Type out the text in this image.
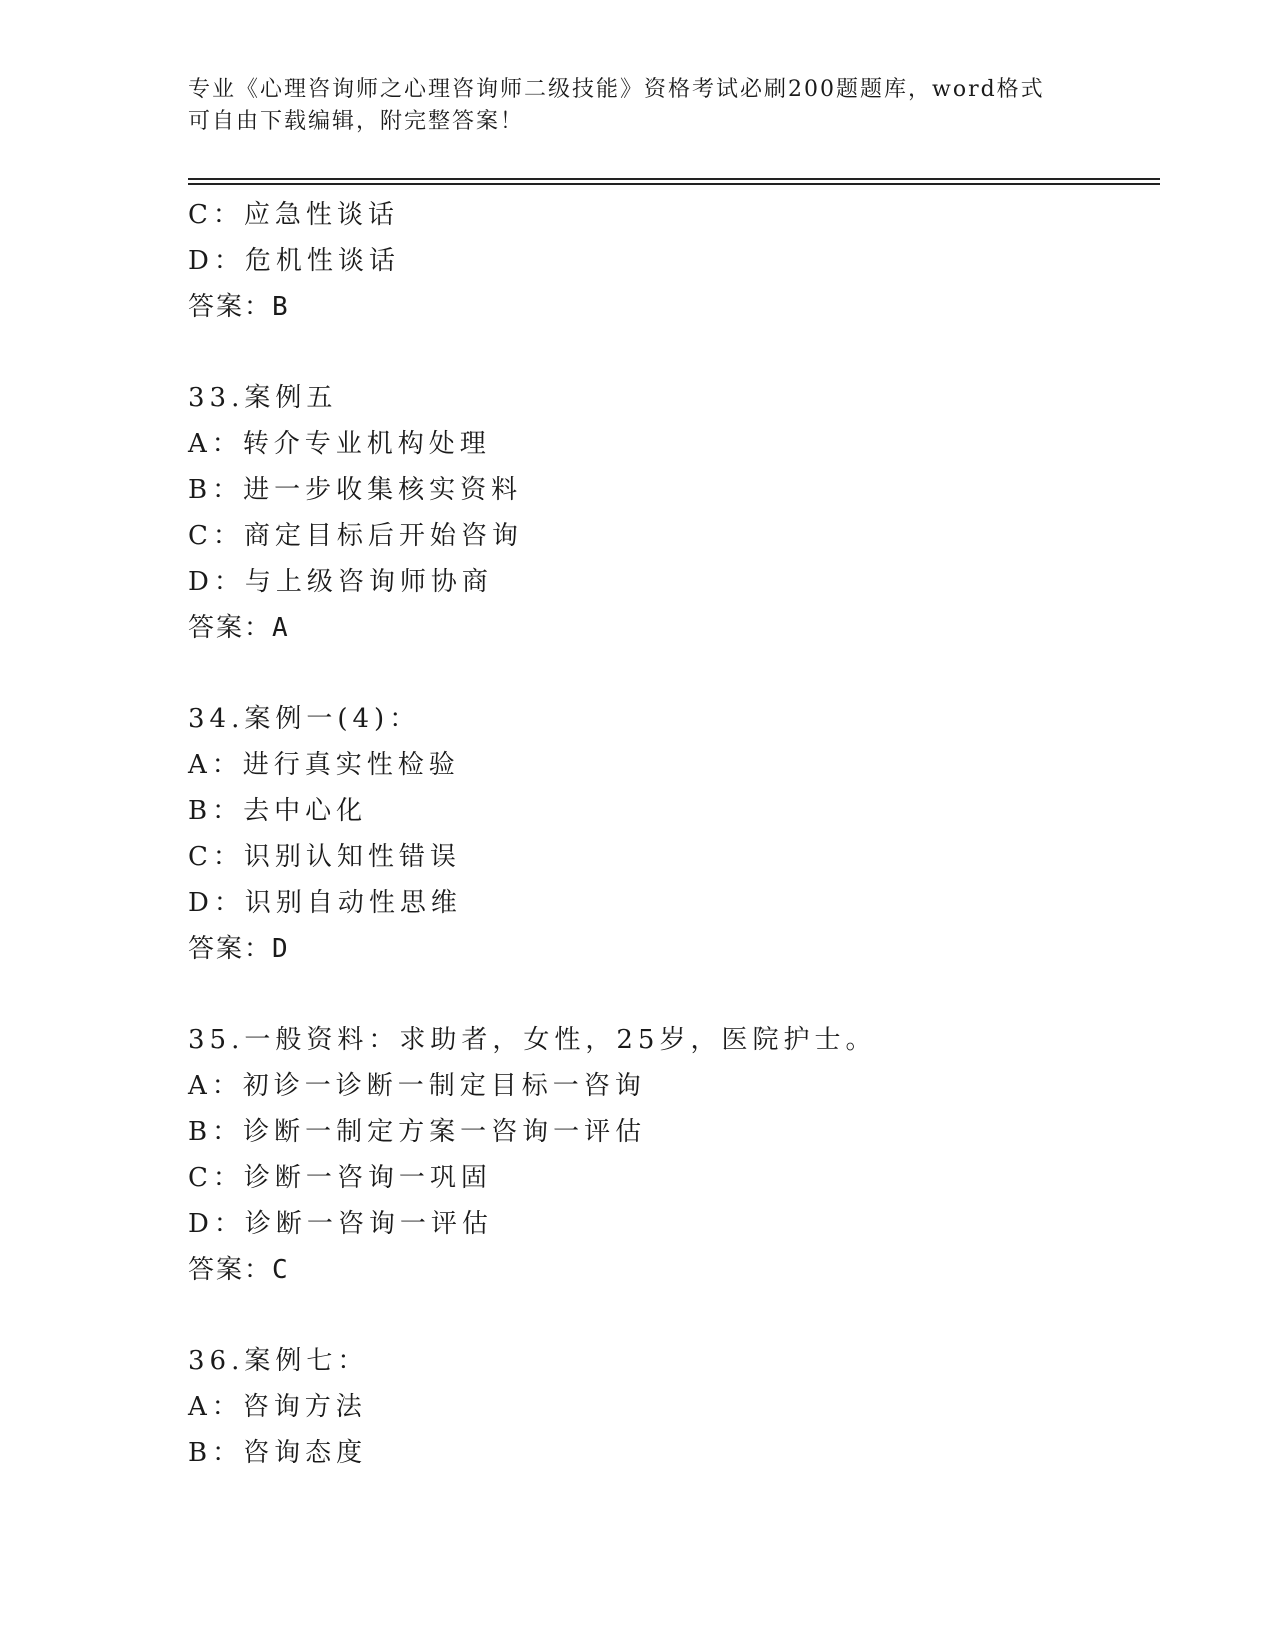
专业《心理咨询师之心理咨询师二级技能》资格考试必刷200题题库，word格式
可自由下载编辑，附完整答案！
C：应急性谈话
D：危机性谈话
答案：B
33.案例五
A：转介专业机构处理
B：进一步收集核实资料
C：商定目标后开始咨询
D：与上级咨询师协商
答案：A
34.案例一(4)：
A：进行真实性检验
B：去中心化
C：识别认知性错误
D：识别自动性思维
答案：D
35.一般资料：求助者，女性，25岁，医院护士。
A：初诊一诊断一制定目标一咨询
B：诊断一制定方案一咨询一评估
C：诊断一咨询一巩固
D：诊断一咨询一评估
答案：C
36.案例七：
A：咨询方法
B：咨询态度
